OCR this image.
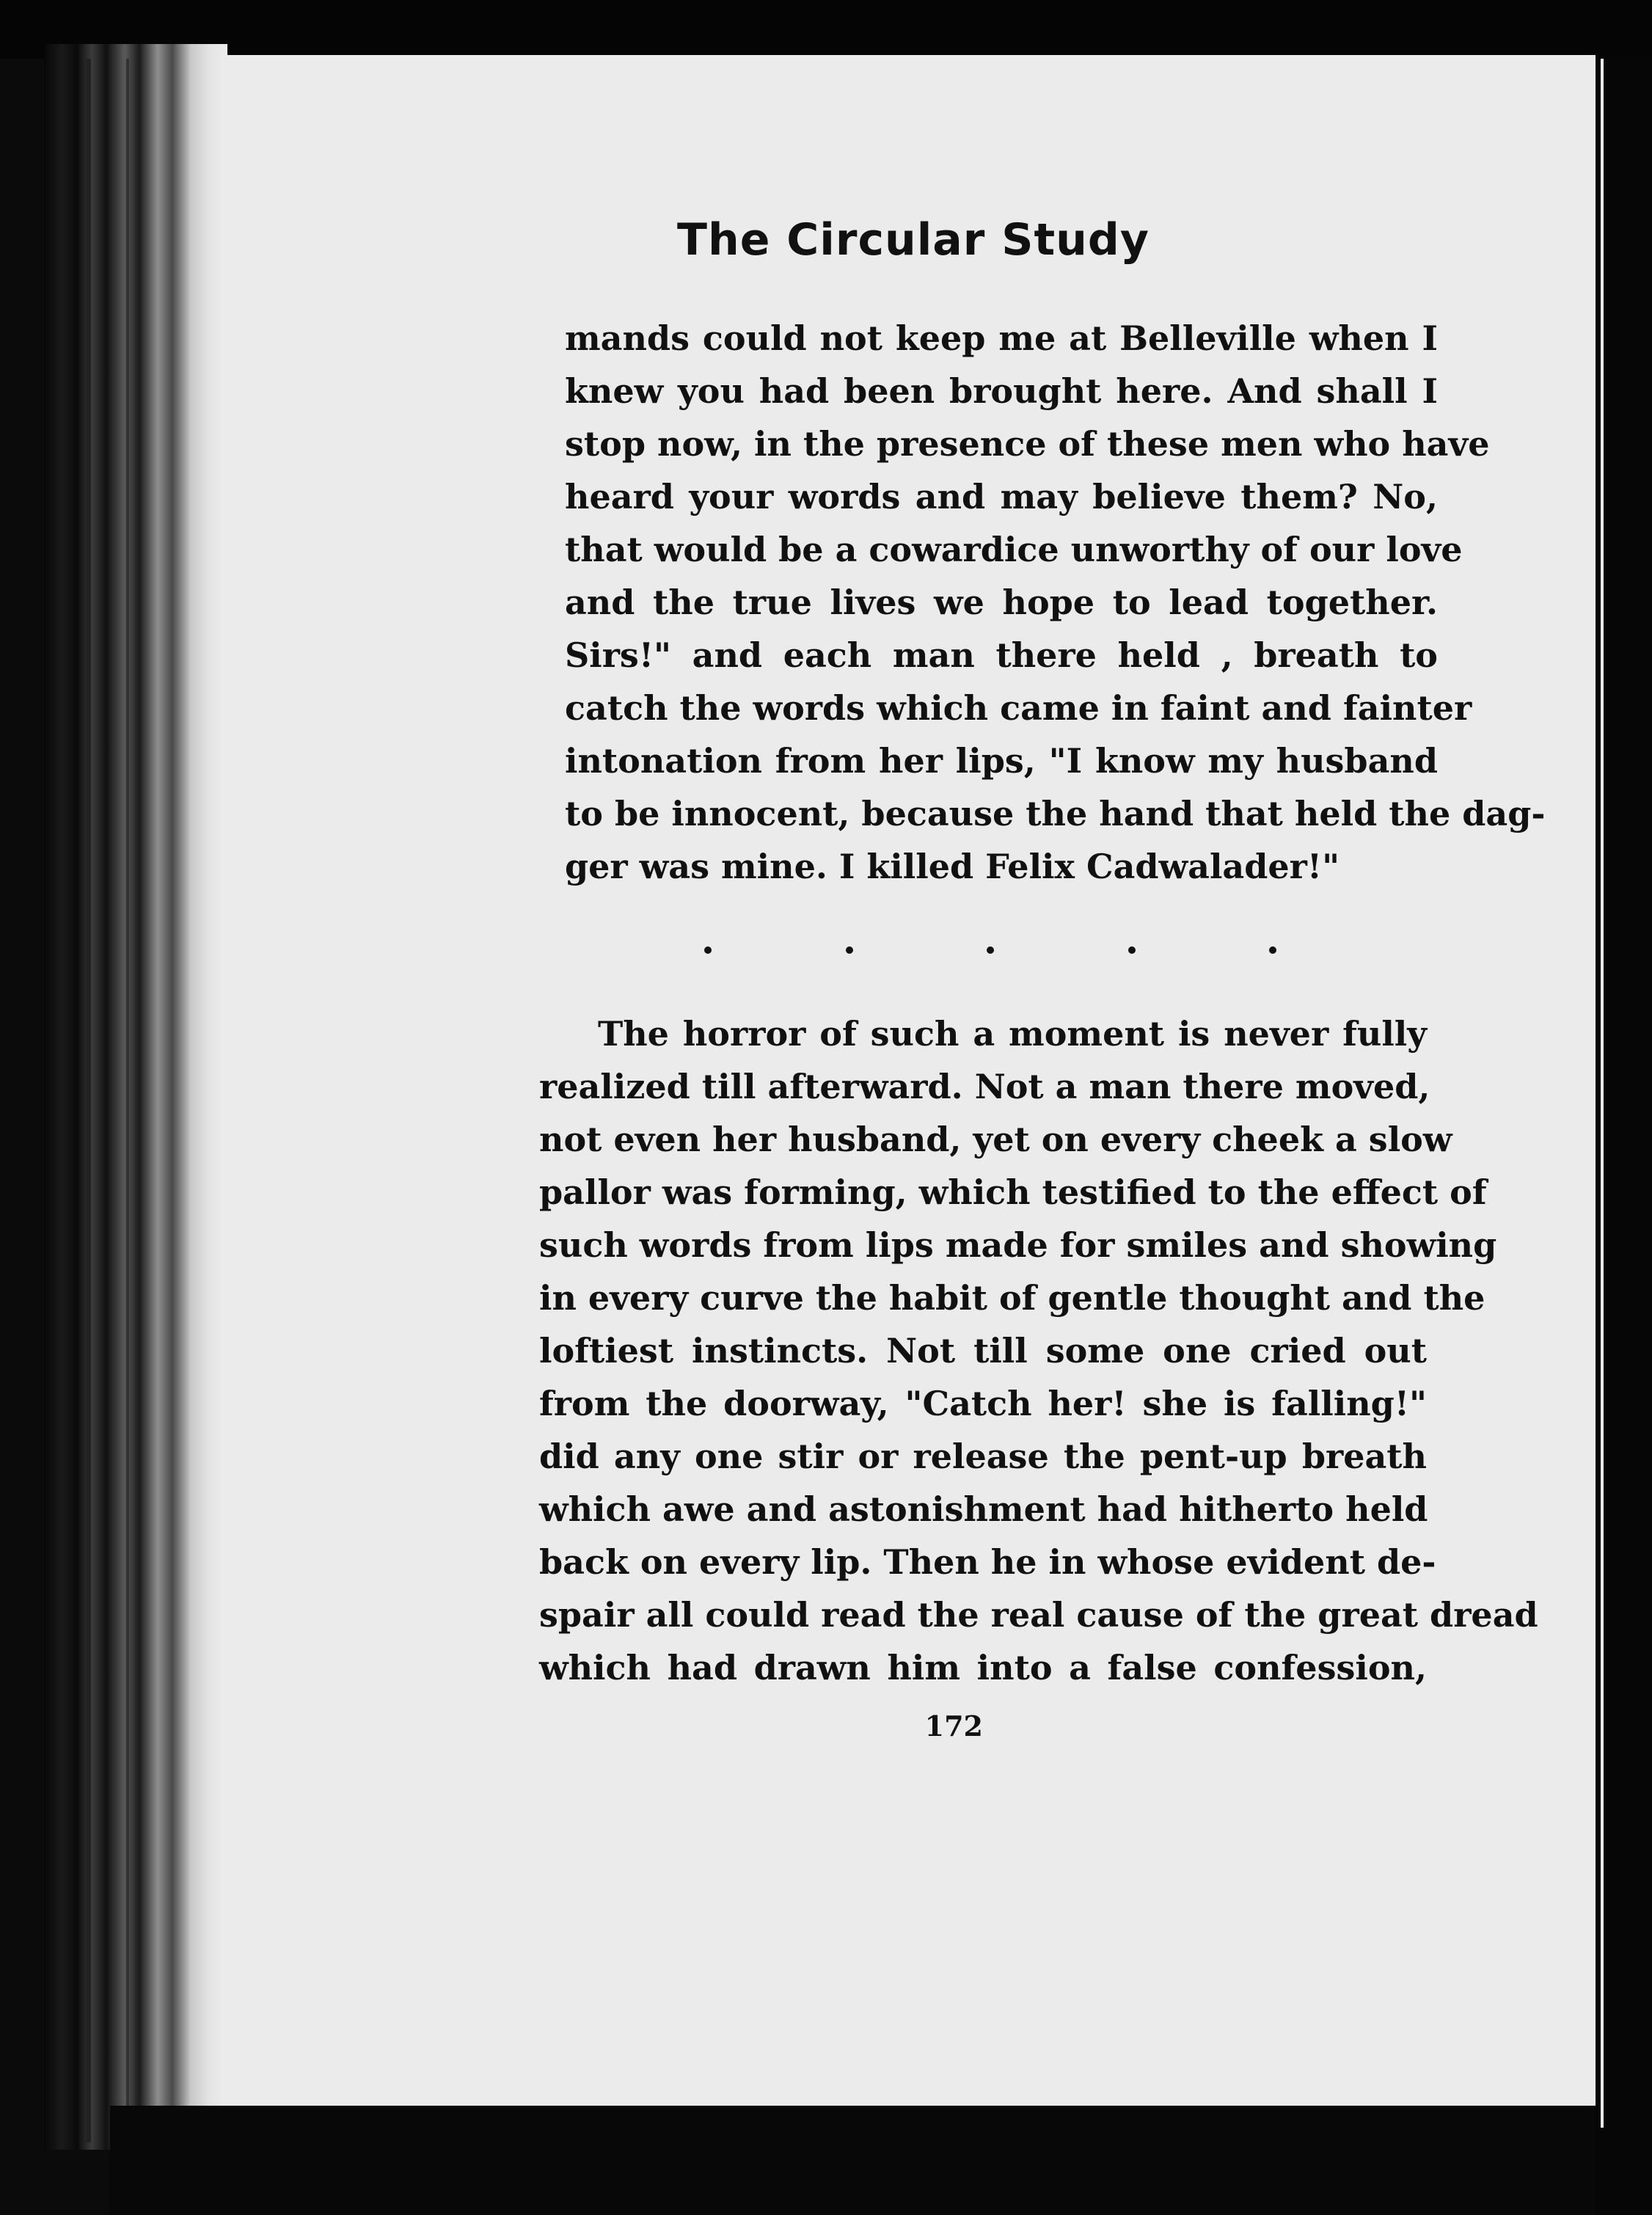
The Circular Study
mands could not keep me at Belleville when I
knew you had been brought here. And shall I
stop now, in the presence of these men who have
heard your words and may believe them? No,
that would be a cowardice unworthy of our love
and the true lives we hope to lead together.
Sirs!" and each man there held , breath to
catch the words which came in faint and fainter
intonation from her lips, "I know my husband
to be innocent, because the hand that held the dag-
ger was mine. I killed Felix Cadwalader!"
The horror of such a moment is never fully
realized till afterward. Not a man there moved,
not even her husband, yet on every cheek a slow
pallor was forming, which testified to the effect of
such words from lips made for smiles and showing
in every curve the habit of gentle thought and the
loftiest instincts. Not till some one cried out
from the doorway, "Catch her! she is falling!"
did any one stir or release the pent-up breath
which awe and astonishment had hitherto held
back on every lip. Then he in whose evident de-
spair all could read the real cause of the great dread
which had drawn him into a false confession,
172
